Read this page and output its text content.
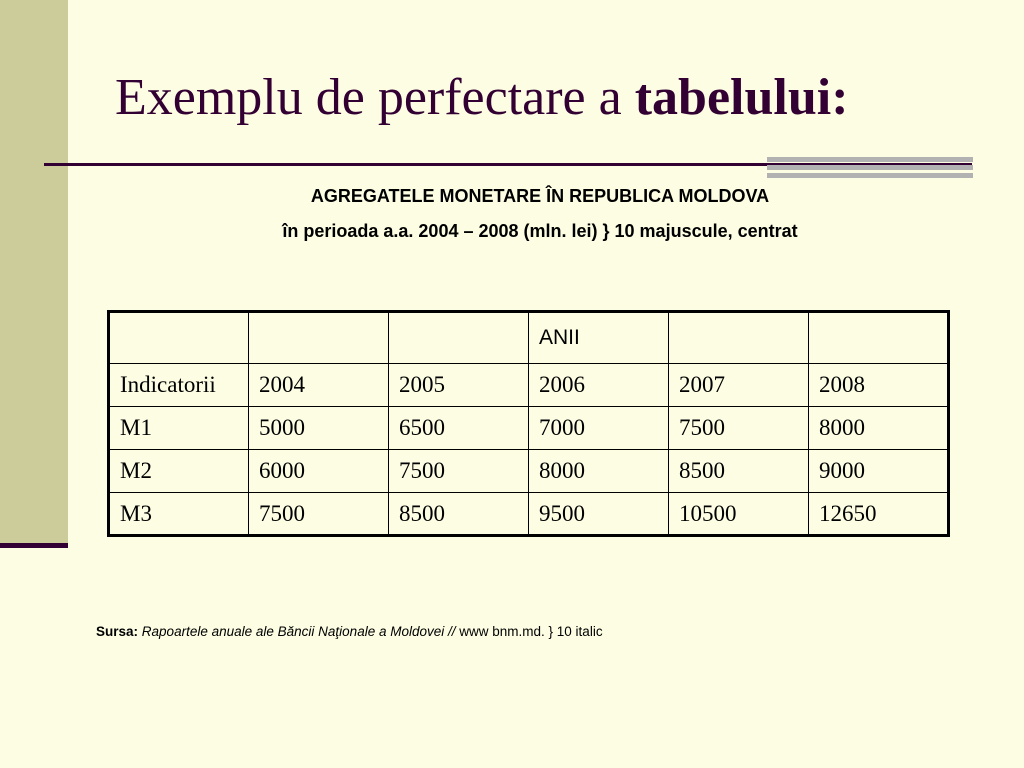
Exemplu de perfectare a tabelului:
AGREGATELE MONETARE ÎN REPUBLICA MOLDOVA
în perioada a.a. 2004 – 2008 (mln. lei) } 10 majuscule, centrat
			ANII		
Indicatorii	2004	2005	2006	2007	2008
M1	5000	6500	7000	7500	8000
M2	6000	7500	8000	8500	9000
M3	7500	8500	9500	10500	12650
Sursa: Rapoartele anuale ale Băncii Naţionale a Moldovei // www bnm.md. } 10 italic
